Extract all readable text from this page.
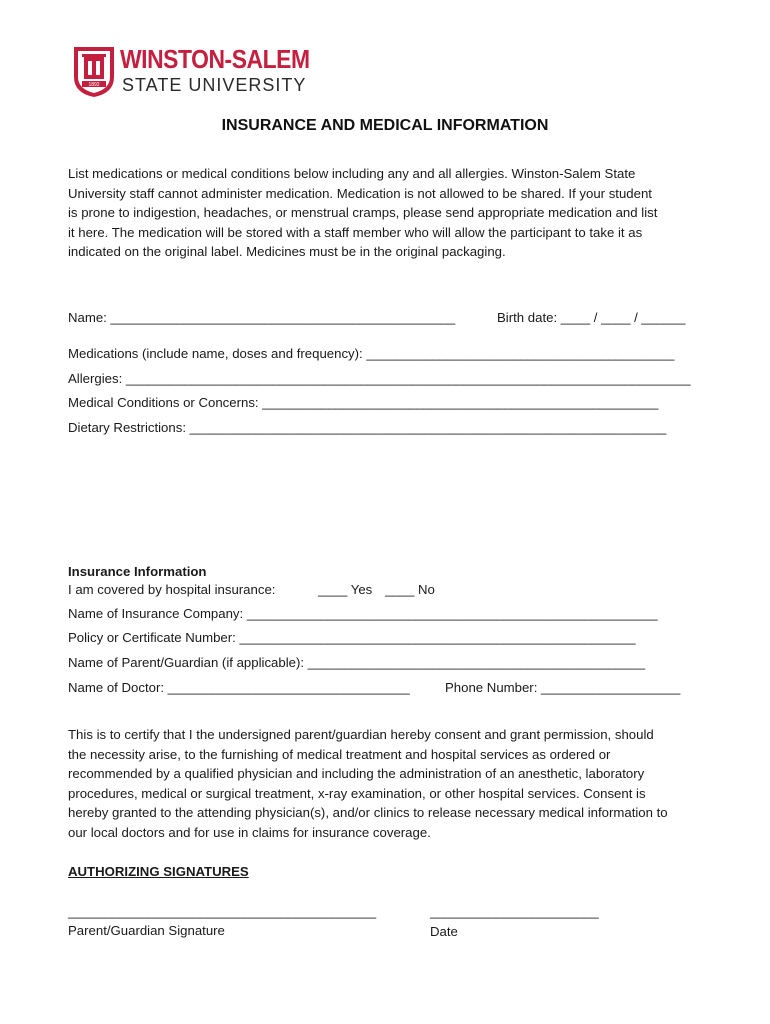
1892
WINSTON-SALEM
STATE UNIVERSITY
INSURANCE AND MEDICAL INFORMATION
List medications or medical conditions below including any and all allergies. Winston-Salem State
University staff cannot administer medication. Medication is not allowed to be shared. If your student
is prone to indigestion, headaches, or menstrual cramps, please send appropriate medication and list
it here. The medication will be stored with a staff member who will allow the participant to take it as
indicated on the original label. Medicines must be in the original packaging.
Name: _______________________________________________	Birth date: ____ / ____ / ______
Medications (include name, doses and frequency): __________________________________________
Allergies: _____________________________________________________________________________
Medical Conditions or Concerns: ______________________________________________________
Dietary Restrictions: _________________________________________________________________
Insurance Information
I am covered by hospital insurance:	____ Yes ____ No
Name of Insurance Company: ________________________________________________________
Policy or Certificate Number: ______________________________________________________
Name of Parent/Guardian (if applicable): ______________________________________________
Name of Doctor: _________________________________	Phone Number: ___________________
This is to certify that I the undersigned parent/guardian hereby consent and grant permission, should
the necessity arise, to the furnishing of medical treatment and hospital services as ordered or
recommended by a qualified physician and including the administration of an anesthetic, laboratory
procedures, medical or surgical treatment, x-ray examination, or other hospital services. Consent is
hereby granted to the attending physician(s), and/or clinics to release necessary medical information to
our local doctors and for use in claims for insurance coverage.
AUTHORIZING SIGNATURES
__________________________________________
Parent/Guardian Signature
_______________________
Date
